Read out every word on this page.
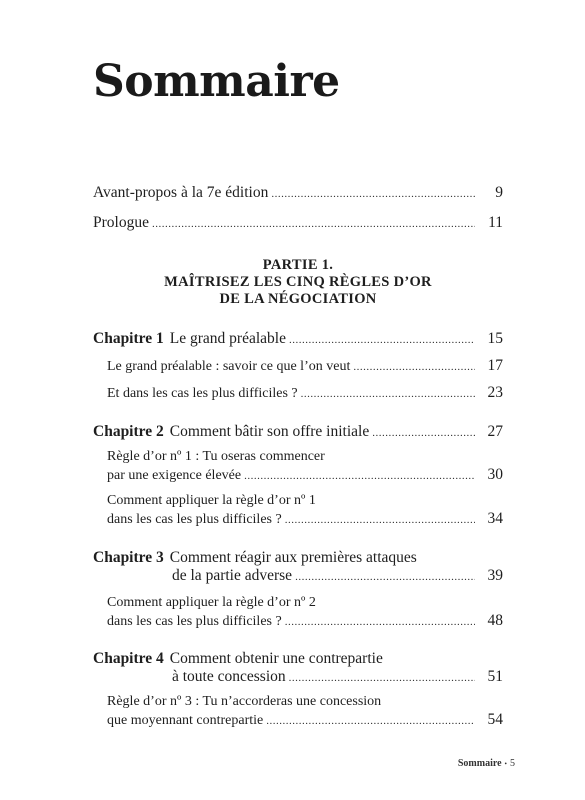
Sommaire
Avant-propos à la 7e édition .....	9
Prologue .....	11
PARTIE 1.
MAÎTRISEZ LES CINQ RÈGLES D’OR
DE LA NÉGOCIATION
Chapitre 1 Le grand préalable .....	15
Le grand préalable : savoir ce que l’on veut .....	17
Et dans les cas les plus difficiles ? .....	23
Chapitre 2 Comment bâtir son offre initiale .....	27
Règle d’or nº 1 : Tu oseras commencer
par une exigence élevée .....	30
Comment appliquer la règle d’or nº 1
dans les cas les plus difficiles ? .....	34
Chapitre 3 Comment réagir aux premières attaques
de la partie adverse .....	39
Comment appliquer la règle d’or nº 2
dans les cas les plus difficiles ? .....	48
Chapitre 4 Comment obtenir une contrepartie
à toute concession .....	51
Règle d’or nº 3 : Tu n’accorderas une concession
que moyennant contrepartie .....	54
Sommaire • 5
